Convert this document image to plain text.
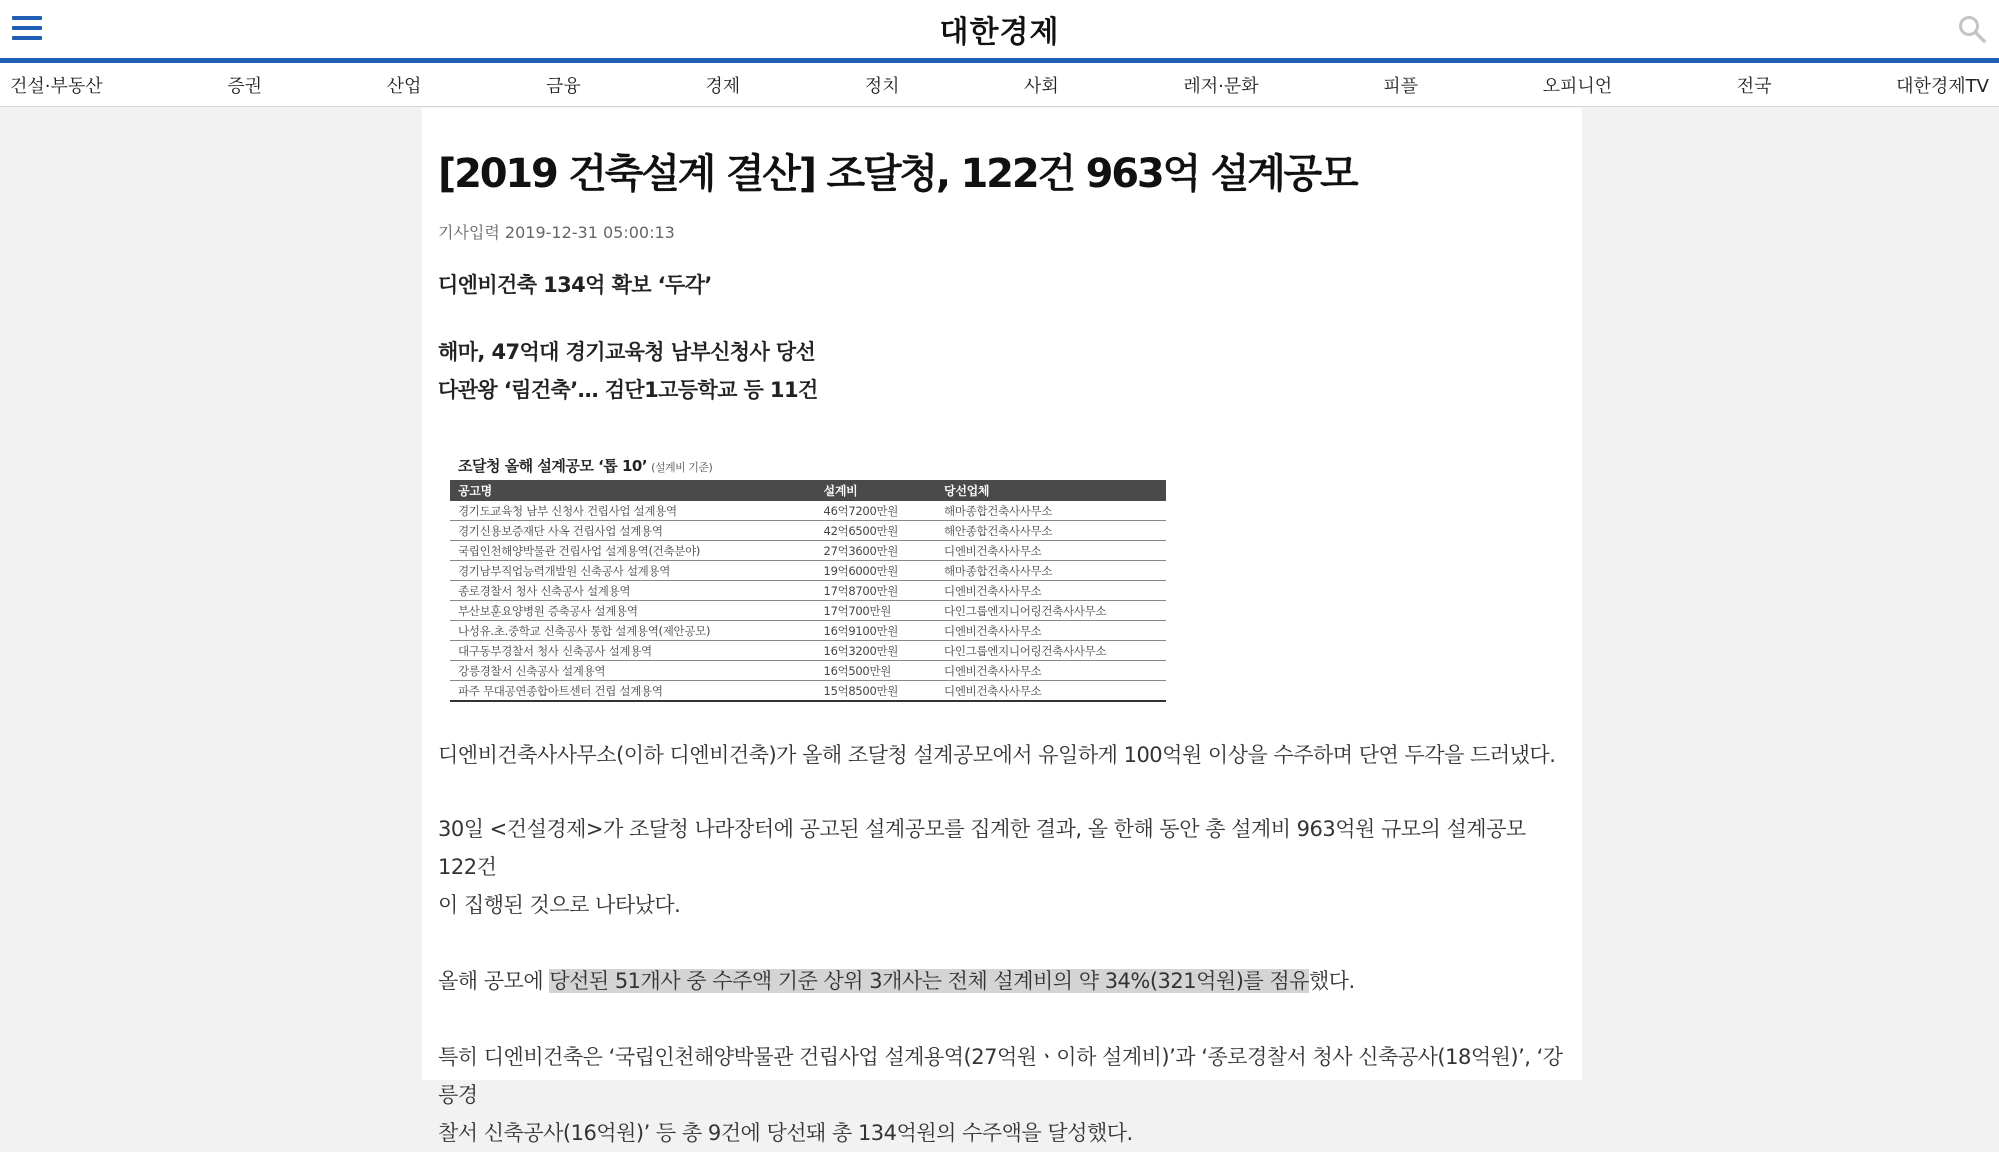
대한경제
건설·부동산	증권	산업	금융	경제	정치	사회	레저·문화	피플	오피니언	전국	대한경제TV
[2019 건축설계 결산] 조달청, 122건 963억 설계공모
기사입력 2019-12-31 05:00:13
디엔비건축 134억 확보 ‘두각’
해마, 47억대 경기교육청 남부신청사 당선
다관왕 ‘림건축’… 검단1고등학교 등 11건
조달청 올해 설계공모 ‘톱 10’ (설계비 기준)
공고명	설계비	당선업체
경기도교육청 남부 신청사 건립사업 설계용역	46억7200만원	해마종합건축사사무소
경기신용보증재단 사옥 건립사업 설계용역	42억6500만원	해안종합건축사사무소
국립인천해양박물관 건립사업 설계용역(건축분야)	27억3600만원	디엔비건축사사무소
경기남부직업능력개발원 신축공사 설계용역	19억6000만원	해마종합건축사사무소
종로경찰서 청사 신축공사 설계용역	17억8700만원	디엔비건축사사무소
부산보훈요양병원 증축공사 설계용역	17억700만원	다인그룹엔지니어링건축사사무소
나성유.초.중학교 신축공사 통합 설계용역(제안공모)	16억9100만원	디엔비건축사사무소
대구동부경찰서 청사 신축공사 설계용역	16억3200만원	다인그룹엔지니어링건축사사무소
강릉경찰서 신축공사 설계용역	16억500만원	디엔비건축사사무소
파주 무대공연종합아트센터 건립 설계용역	15억8500만원	디엔비건축사사무소
디엔비건축사사무소(이하 디엔비건축)가 올해 조달청 설계공모에서 유일하게 100억원 이상을 수주하며 단연 두각을 드러냈다.
30일 <건설경제>가 조달청 나라장터에 공고된 설계공모를 집계한 결과, 올 한해 동안 총 설계비 963억원 규모의 설계공모 122건
이 집행된 것으로 나타났다.
올해 공모에 당선된 51개사 중 수주액 기준 상위 3개사는 전체 설계비의 약 34%(321억원)를 점유했다.
특히 디엔비건축은 ‘국립인천해양박물관 건립사업 설계용역(27억원ㆍ이하 설계비)’과 ‘종로경찰서 청사 신축공사(18억원)’, ‘강릉경
찰서 신축공사(16억원)’ 등 총 9건에 당선돼 총 134억원의 수주액을 달성했다.
